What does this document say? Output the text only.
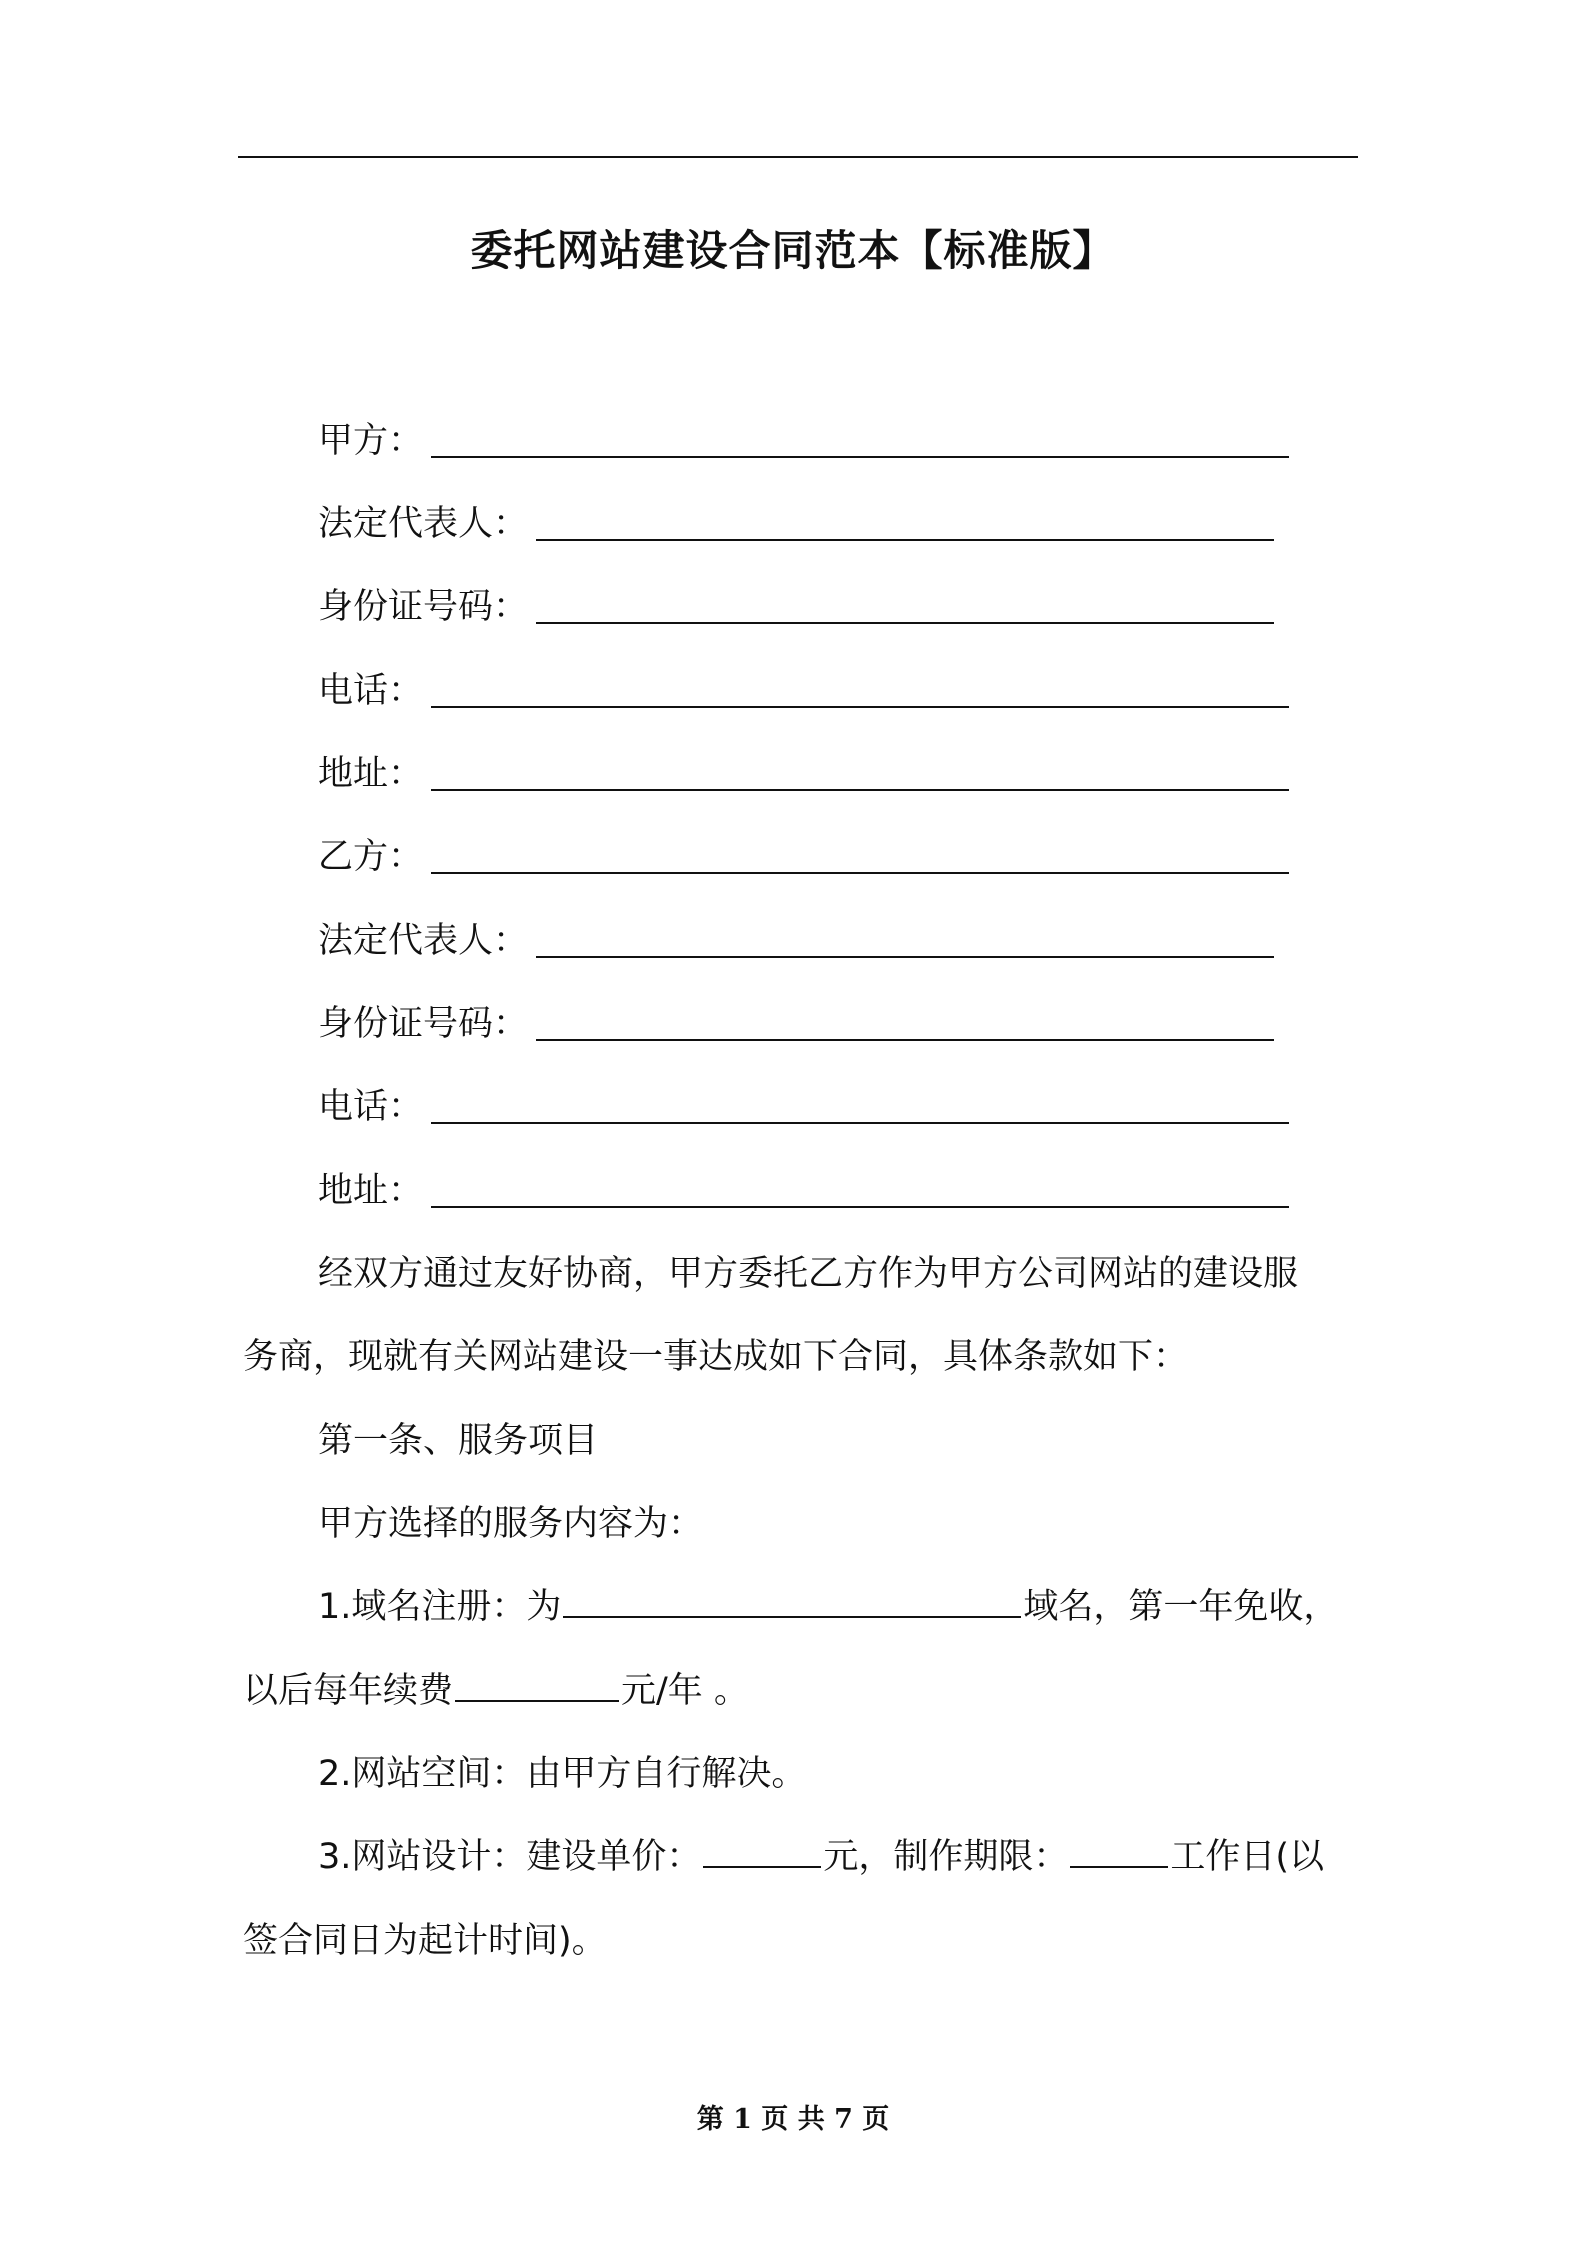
委托网站建设合同范本【标准版】
甲方：
法定代表人：
身份证号码：
电话：
地址：
乙方：
法定代表人：
身份证号码：
电话：
地址：
经双方通过友好协商，甲方委托乙方作为甲方公司网站的建设服
务商，现就有关网站建设一事达成如下合同，具体条款如下：
第一条、服务项目
甲方选择的服务内容为：
1.域名注册：为	域名，第一年免收，
以后每年续费	元/年 。
2.网站空间：由甲方自行解决。
3.网站设计：建设单价：	元，制作期限：	工作日(以
签合同日为起计时间)。
第 1 页 共 7 页
